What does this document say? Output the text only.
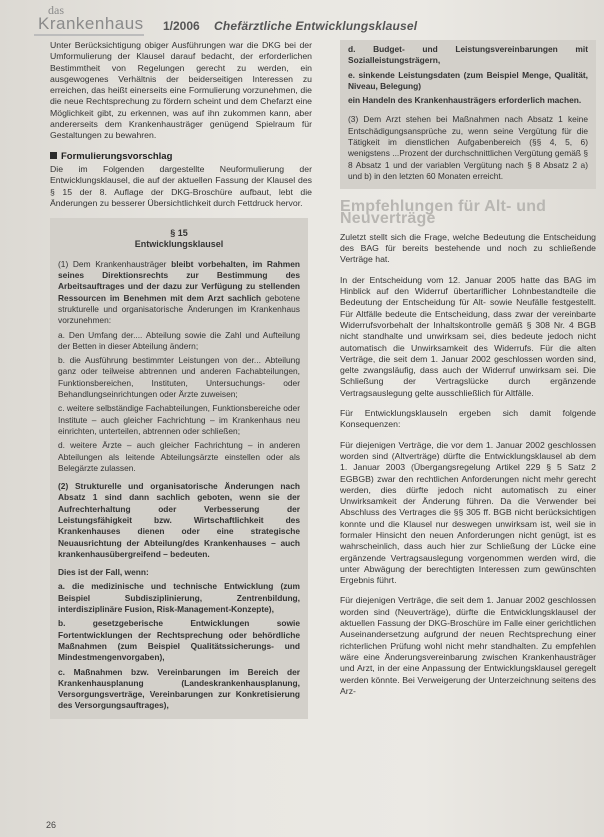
das
Krankenhaus 1/2006 Chefärztliche Entwicklungsklausel

Unter Berücksichtigung obiger Ausführungen war die DKG bei der Umformulierung der Klausel darauf bedacht, der erforderlichen Bestimmtheit von Regelungen gerecht zu werden, ein ausgewogenes Verhältnis der beiderseitigen Interessen zu erreichen, das heißt einerseits eine Formulierung vorzunehmen, die die neue Rechtsprechung zu fördern scheint und dem Chefarzt eine Möglichkeit gibt, zu erkennen, was auf ihn zukommen kann, aber andererseits dem Krankenhausträger genügend Spielraum für Gestaltungen zu bewahren.

Formulierungsvorschlag

Die im Folgenden dargestellte Neuformulierung der Entwicklungsklausel, die auf der aktuellen Fassung der Klausel des § 15 der 8. Auflage der DKG-Broschüre aufbaut, lebt die Änderungen zu besserer Übersichtlichkeit durch Fettdruck hervor.

§ 15
Entwicklungsklausel

(1) Dem Krankenhausträger bleibt vorbehalten, im Rahmen seines Direktionsrechts zur Bestimmung des Arbeitsauftrages und der dazu zur Verfügung zu stellenden Ressourcen im Benehmen mit dem Arzt sachlich gebotene strukturelle und organisatorische Änderungen im Krankenhaus vorzunehmen:

a. Den Umfang der.... Abteilung sowie die Zahl und Aufteilung der Betten in dieser Abteilung ändern;

b. die Ausführung bestimmter Leistungen von der... Abteilung ganz oder teilweise abtrennen und anderen Fachabteilungen, Funktionsbereichen, Instituten, Untersuchungs- oder Behandlungseinrichtungen oder Ärzte zuweisen;

c. weitere selbständige Fachabteilungen, Funktionsbereiche oder Institute – auch gleicher Fachrichtung – im Krankenhaus neu einrichten, unterteilen, abtrennen oder schließen;

d. weitere Ärzte – auch gleicher Fachrichtung – in anderen Abteilungen als leitende Abteilungsärzte einstellen oder als Belegärzte zulassen.

(2) Strukturelle und organisatorische Änderungen nach Absatz 1 sind dann sachlich geboten, wenn sie der Aufrechterhaltung oder Verbesserung der Leistungsfähigkeit bzw. Wirtschaftlichkeit des Krankenhauses dienen oder eine strategische Neuausrichtung der Abteilung/des Krankenhauses – auch krankenhausübergreifend – bedeuten.

Dies ist der Fall, wenn:

a. die medizinische und technische Entwicklung (zum Beispiel Subdisziplinierung, Zentrenbildung, interdisziplinäre Fusion, Risk-Management-Konzepte),

b. gesetzgeberische Entwicklungen sowie Fortentwicklungen der Rechtsprechung oder behördliche Maßnahmen (zum Beispiel Qualitätssicherungs- und Mindestmengenvorgaben),

c. Maßnahmen bzw. Vereinbarungen im Bereich der Krankenhausplanung (Landeskrankenhausplanung, Versorgungsverträge, Vereinbarungen zur Konkretisierung des Versorgungsauftrages),

d. Budget- und Leistungsvereinbarungen mit Sozialleistungsträgern,

e. sinkende Leistungsdaten (zum Beispiel Menge, Qualität, Niveau, Belegung)

ein Handeln des Krankenhausträgers erforderlich machen.

(3) Dem Arzt stehen bei Maßnahmen nach Absatz 1 keine Entschädigungsansprüche zu, wenn seine Vergütung für die Tätigkeit im dienstlichen Aufgabenbereich (§§ 4, 5, 6) wenigstens ...Prozent der durchschnittlichen Vergütung gemäß § 8 Absatz 1 und der variablen Vergütung nach § 8 Absatz 2 a) und b) in den letzten 60 Monaten erreicht.

Empfehlungen für Alt- und Neuverträge

Zuletzt stellt sich die Frage, welche Bedeutung die Entscheidung des BAG für bereits bestehende und noch zu schließende Verträge hat.

In der Entscheidung vom 12. Januar 2005 hatte das BAG im Hinblick auf den Widerruf übertariflicher Lohnbestandteile die Bedeutung der Entscheidung für Alt- sowie Neufälle festgestellt. Für Altfälle bedeute die Entscheidung, dass zwar der vereinbarte Widerrufsvorbehalt der Inhaltskontrolle gemäß § 308 Nr. 4 BGB nicht standhalte und unwirksam sei, dies bedeute jedoch nicht automatisch die Unwirksamkeit des Widerrufs. Für die alten Verträge, die seit dem 1. Januar 2002 geschlossen worden sind, gelte zwangsläufig, dass auch der Widerruf unwirksam sei. Die Schließung der Vertragslücke durch ergänzende Vertragsauslegung gelte ausschließlich für Altfälle.

Für Entwicklungsklauseln ergeben sich damit folgende Konsequenzen:

Für diejenigen Verträge, die vor dem 1. Januar 2002 geschlossen worden sind (Altverträge) dürfte die Entwicklungsklausel ab dem 1. Januar 2003 (Übergangsregelung Artikel 229 § 5 Satz 2 EGBGB) zwar den rechtlichen Anforderungen nicht mehr gerecht werden, dies dürfte jedoch nicht automatisch zu einer Unwirksamkeit der Änderung führen. Da die Verwender bei Abschluss des Vertrages die §§ 305 ff. BGB nicht berücksichtigen konnte und die Klausel nur deswegen unwirksam ist, weil sie in formaler Hinsicht den neuen Anforderungen nicht genügt, ist es wahrscheinlich, dass auch hier zur Schließung der Lücke eine ergänzende Vertragsauslegung vorgenommen werden wird, die unter Abwägung der berechtigten Interessen zum gewünschten Ergebnis führt.

Für diejenigen Verträge, die seit dem 1. Januar 2002 geschlossen worden sind (Neuverträge), dürfte die Entwicklungsklausel der aktuellen Fassung der DKG-Broschüre im Falle einer gerichtlichen Auseinandersetzung aufgrund der neuen Rechtsprechung einer richterlichen Prüfung wohl nicht mehr standhalten. Zu empfehlen wäre eine Änderungsvereinbarung zwischen Krankenhausträger und Arzt, in der eine Anpassung der Entwicklungsklausel geregelt werden könnte. Bei Verweigerung der Unterzeichnung seitens des Arz-

26
